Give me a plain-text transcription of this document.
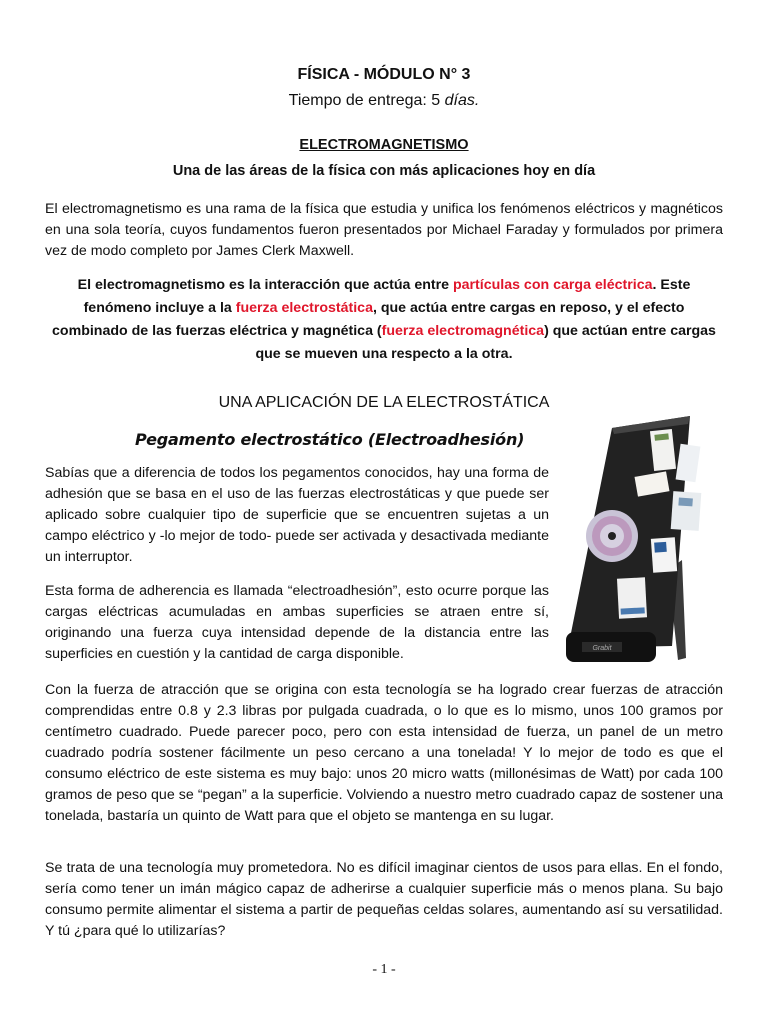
FÍSICA - MÓDULO N° 3
Tiempo de entrega: 5 días.
ELECTROMAGNETISMO
Una de las áreas de la física con más aplicaciones hoy en día
El electromagnetismo es una rama de la física que estudia y unifica los fenómenos eléctricos y magnéticos en una sola teoría, cuyos fundamentos fueron presentados por Michael Faraday y formulados por primera vez de modo completo por James Clerk Maxwell.
El electromagnetismo es la interacción que actúa entre partículas con carga eléctrica. Este fenómeno incluye a la fuerza electrostática, que actúa entre cargas en reposo, y el efecto combinado de las fuerzas eléctrica y magnética (fuerza electromagnética) que actúan entre cargas que se mueven una respecto a la otra.
UNA APLICACIÓN DE LA ELECTROSTÁTICA
Pegamento electrostático (Electroadhesión)
Sabías que a diferencia de todos los pegamentos conocidos, hay una forma de adhesión que se basa en el uso de las fuerzas electrostáticas y que puede ser aplicado sobre cualquier tipo de superficie que se encuentren sujetas a un campo eléctrico y -lo mejor de todo- puede ser activada y desactivada mediante un interruptor.
Esta forma de adherencia es llamada “electroadhesión”, esto ocurre porque las cargas eléctricas acumuladas en ambas superficies se atraen entre sí, originando una fuerza cuya intensidad depende de la distancia entre las superficies en cuestión y la cantidad de carga disponible.
Con la fuerza de atracción que se origina con esta tecnología se ha logrado crear fuerzas de atracción comprendidas entre 0.8 y 2.3 libras por pulgada cuadrada, o lo que es lo mismo, unos 100 gramos por centímetro cuadrado. Puede parecer poco, pero con esta intensidad de fuerza, un panel de un metro cuadrado podría sostener fácilmente un peso cercano a una tonelada! Y lo mejor de todo es que el consumo eléctrico de este sistema es muy bajo: unos 20 micro watts (millonésimas de Watt) por cada 100 gramos de peso que se “pegan” a la superficie. Volviendo a nuestro metro cuadrado capaz de sostener una tonelada, bastaría un quinto de Watt para que el objeto se mantenga en su lugar.
Se trata de una tecnología muy prometedora. No es difícil imaginar cientos de usos para ellas. En el fondo, sería como tener un imán mágico capaz de adherirse a cualquier superficie más o menos plana. Su bajo consumo permite alimentar el sistema a partir de pequeñas celdas solares, aumentando así su versatilidad. Y tú ¿para qué lo utilizarías?
Grabit
- 1 -
